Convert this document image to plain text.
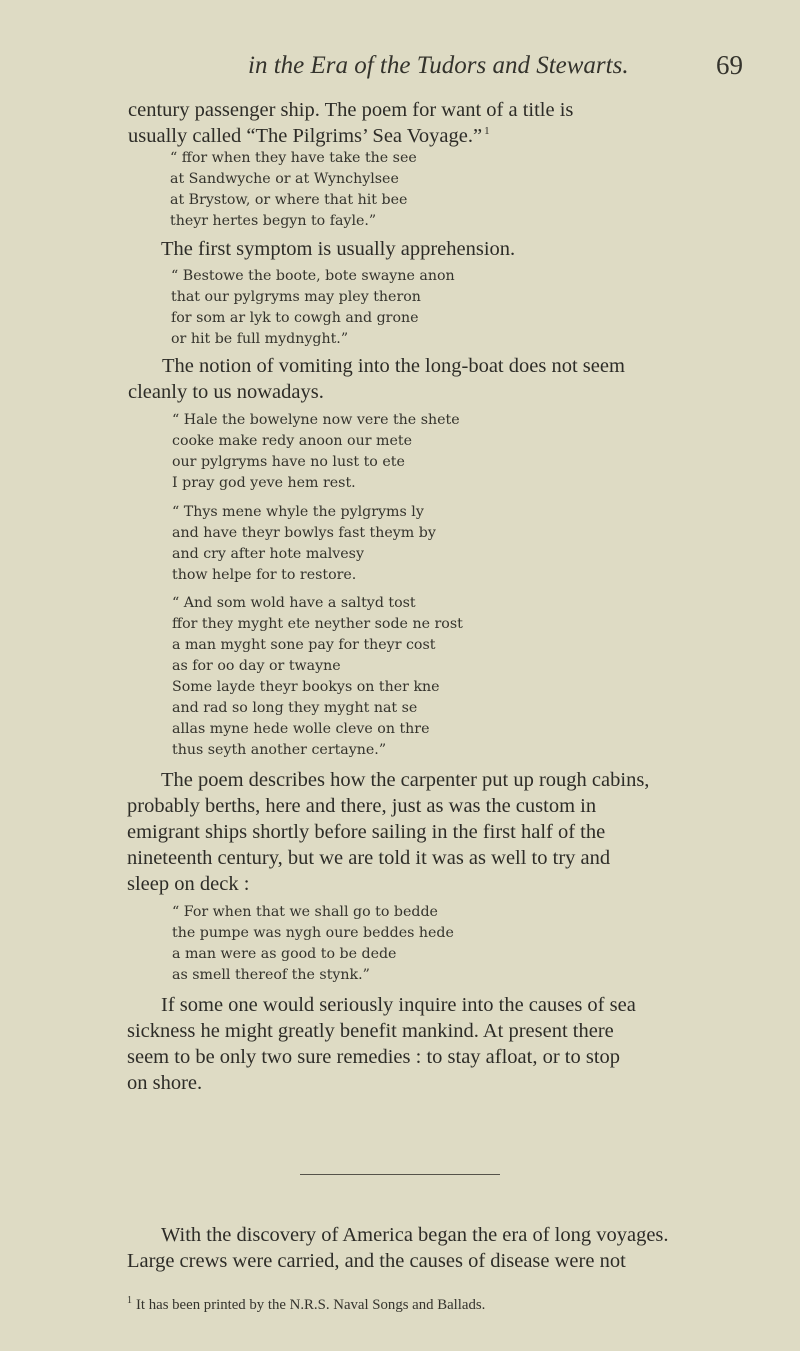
in the Era of the Tudors and Stewarts.	69

century passenger ship. The poem for want of a title is
usually called “The Pilgrims’ Sea Voyage.” $^1$

“ ffor when they have take the see
at Sandwyche or at Wynchylsee
at Brystow, or where that hit bee
theyr hertes begyn to fayle.”

The first symptom is usually apprehension.

“ Bestowe the boote, bote swayne anon
that our pylgryms may pley theron
for som ar lyk to cowgh and grone
or hit be full mydnyght.”

The notion of vomiting into the long-boat does not seem
cleanly to us nowadays.

“ Hale the bowelyne now vere the shete
cooke make redy anoon our mete
our pylgryms have no lust to ete
I pray god yeve hem rest.

“ Thys mene whyle the pylgryms ly
and have theyr bowlys fast theym by
and cry after hote malvesy
thow helpe for to restore.

“ And som wold have a saltyd tost
ffor they myght ete neyther sode ne rost
a man myght sone pay for theyr cost
as for oo day or twayne
Some layde theyr bookys on ther kne
and rad so long they myght nat se
allas myne hede wolle cleve on thre
thus seyth another certayne.”

The poem describes how the carpenter put up rough cabins,
probably berths, here and there, just as was the custom in
emigrant ships shortly before sailing in the first half of the
nineteenth century, but we are told it was as well to try and
sleep on deck :

“ For when that we shall go to bedde
the pumpe was nygh oure beddes hede
a man were as good to be dede
as smell thereof the stynk.”

If some one would seriously inquire into the causes of sea
sickness he might greatly benefit mankind. At present there
seem to be only two sure remedies : to stay afloat, or to stop
on shore.

With the discovery of America began the era of long voyages.
Large crews were carried, and the causes of disease were not

$^1$ It has been printed by the N.R.S. Naval Songs and Ballads.
